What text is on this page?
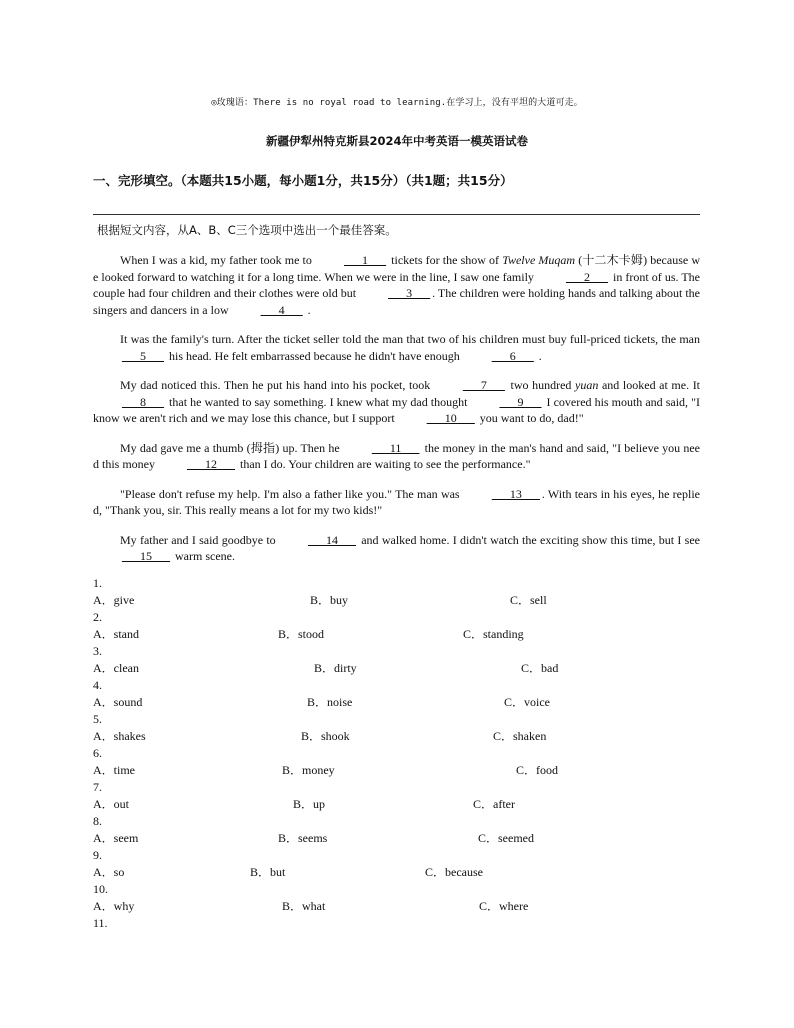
◎玫瑰语：There is no royal road to learning.在学习上，没有平坦的大道可走。
新疆伊犁州特克斯县2024年中考英语一模英语试卷
一、完形填空。（本题共15小题，每小题1分，共15分）（共1题；共15分）
根据短文内容，从A、B、C三个选项中选出一个最佳答案。

When I was a kid, my father took me to ___1___ tickets for the show of Twelve Muqam (十二木卡姆) because we looked forward to watching it for a long time. When we were in the line, I saw one family ___2___ in front of us. The couple had four children and their clothes were old but ___3___ . The children were holding hands and talking about the singers and dancers in a low ___4___ .

It was the family's turn. After the ticket seller told the man that two of his children must buy full-priced tickets, the man ___5___ his head. He felt embarrassed because he didn't have enough ___6___ .

My dad noticed this. Then he put his hand into his pocket, took ___7___ two hundred yuan and looked at me. It ___8___ that he wanted to say something. I knew what my dad thought ___9___ I covered his mouth and said, "I know we aren't rich and we may lose this chance, but I support ___10___ you want to do, dad!"

My dad gave me a thumb (拇指) up. Then he ___11___ the money in the man's hand and said, "I believe you need this money ___12___ than I do. Your children are waiting to see the performance."

"Please don't refuse my help. I'm also a father like you." The man was ___13___ . With tears in his eyes, he replied, "Thank you, sir. This really means a lot for my two kids!"

My father and I said goodbye to ___14___ and walked home. I didn't watch the exciting show this time, but I see ___15___ warm scene.

1.
A．give	B．buy	C．sell
2.
A．stand	B．stood	C．standing
3.
A．clean	B．dirty	C．bad
4.
A．sound	B．noise	C．voice
5.
A．shakes	B．shook	C．shaken
6.
A．time	B．money	C．food
7.
A．out	B．up	C．after
8.
A．seem	B．seems	C．seemed
9.
A．so	B．but	C．because
10.
A．why	B．what	C．where
11.
